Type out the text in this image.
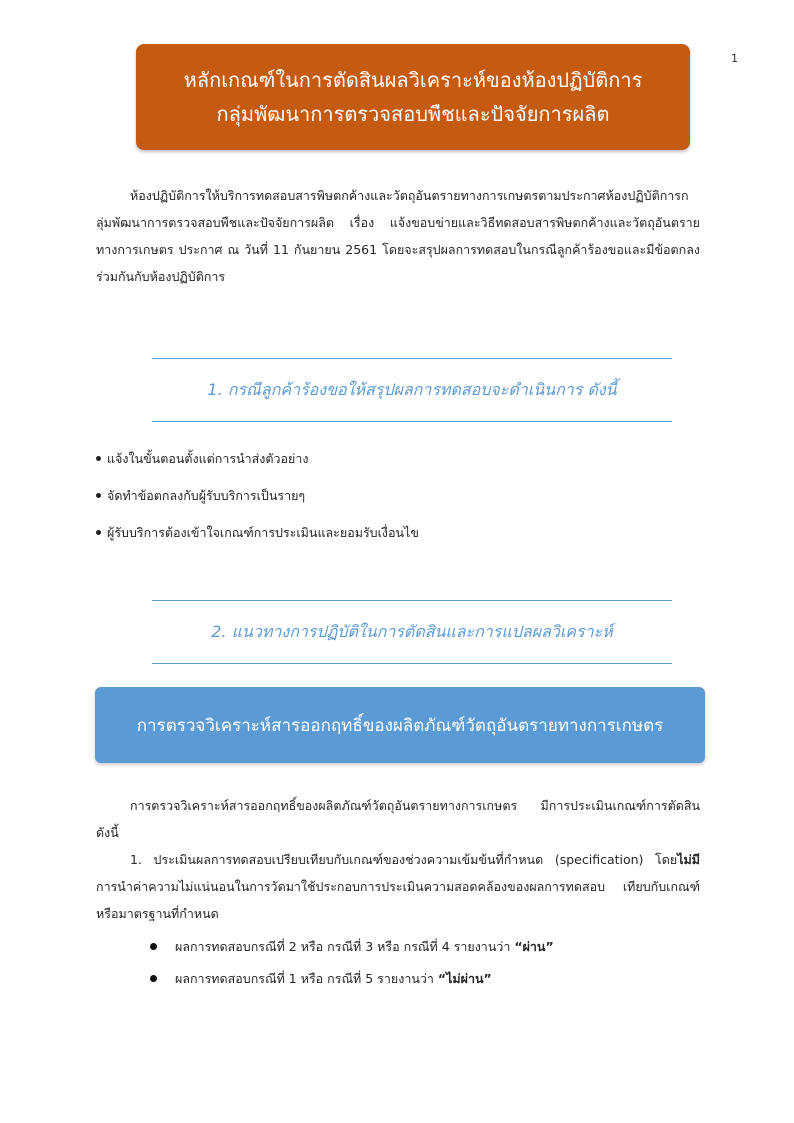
1
หลักเกณฑ์ในการตัดสินผลวิเคราะห์ของห้องปฏิบัติการ
กลุ่มพัฒนาการตรวจสอบพืชและปัจจัยการผลิต

ห้องปฏิบัติการให้บริการทดสอบสารพิษตกค้างและวัตถุอันตรายทางการเกษตรตามประกาศห้องปฏิบัติการกลุ่มพัฒนาการตรวจสอบพืชและปัจจัยการผลิต เรื่อง แจ้งขอบข่ายและวิธีทดสอบสารพิษตกค้างและวัตถุอันตรายทางการเกษตร ประกาศ ณ วันที่ 11 กันยายน 2561 โดยจะสรุปผลการทดสอบในกรณีลูกค้าร้องขอและมีข้อตกลงร่วมกันกับห้องปฏิบัติการ

1. กรณีลูกค้าร้องขอให้สรุปผลการทดสอบจะดำเนินการ ดังนี้
แจ้งในขั้นตอนตั้งแต่การนำส่งตัวอย่าง
จัดทำข้อตกลงกับผู้รับบริการเป็นรายๆ
ผู้รับบริการต้องเข้าใจเกณฑ์การประเมินและยอมรับเงื่อนไข
2. แนวทางการปฏิบัติในการตัดสินและการแปลผลวิเคราะห์
การตรวจวิเคราะห์สารออกฤทธิ์ของผลิตภัณฑ์วัตถุอันตรายทางการเกษตร

การตรวจวิเคราะห์สารออกฤทธิ์ของผลิตภัณฑ์วัตถุอันตรายทางการเกษตร มีการประเมินเกณฑ์การตัดสิน ดังนี้

1. ประเมินผลการทดสอบเปรียบเทียบกับเกณฑ์ของช่วงความเข้มข้นที่กำหนด (specification) โดยไม่มีการนำค่าความไม่แน่นอนในการวัดมาใช้ประกอบการประเมินความสอดคล้องของผลการทดสอบ เทียบกับเกณฑ์หรือมาตรฐานที่กำหนด

ผลการทดสอบกรณีที่ 2 หรือ กรณีที่ 3 หรือ กรณีที่ 4 รายงานว่า “ผ่าน”
ผลการทดสอบกรณีที่ 1 หรือ กรณีที่ 5 รายงานว่า “ไม่ผ่าน”
